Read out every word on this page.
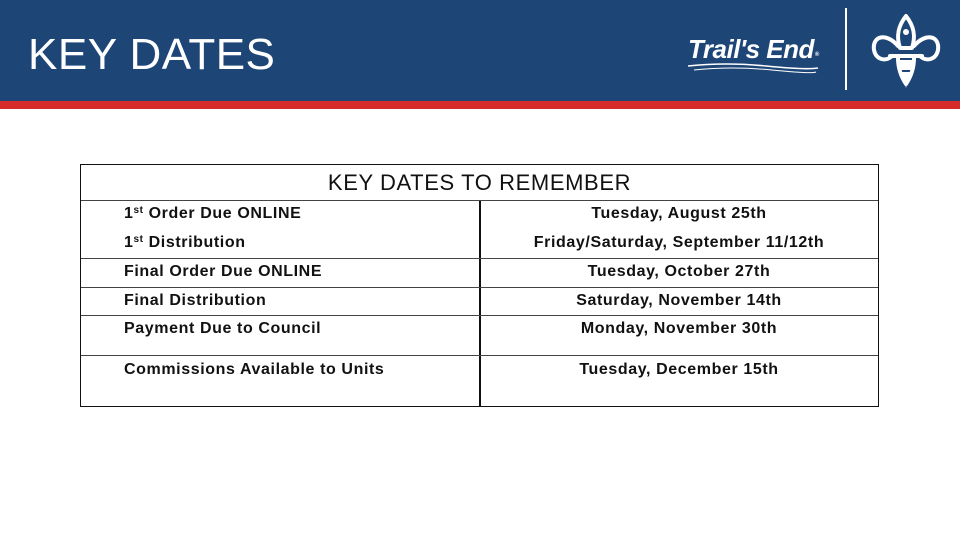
KEY DATES	Trail's End®
KEY DATES TO REMEMBER
1st Order Due ONLINE	Tuesday, August 25th
1st Distribution	Friday/Saturday, September 11/12th
Final Order Due ONLINE	Tuesday, October 27th
Final Distribution	Saturday, November 14th
Payment Due to Council	Monday, November 30th
Commissions Available to Units	Tuesday, December 15th
